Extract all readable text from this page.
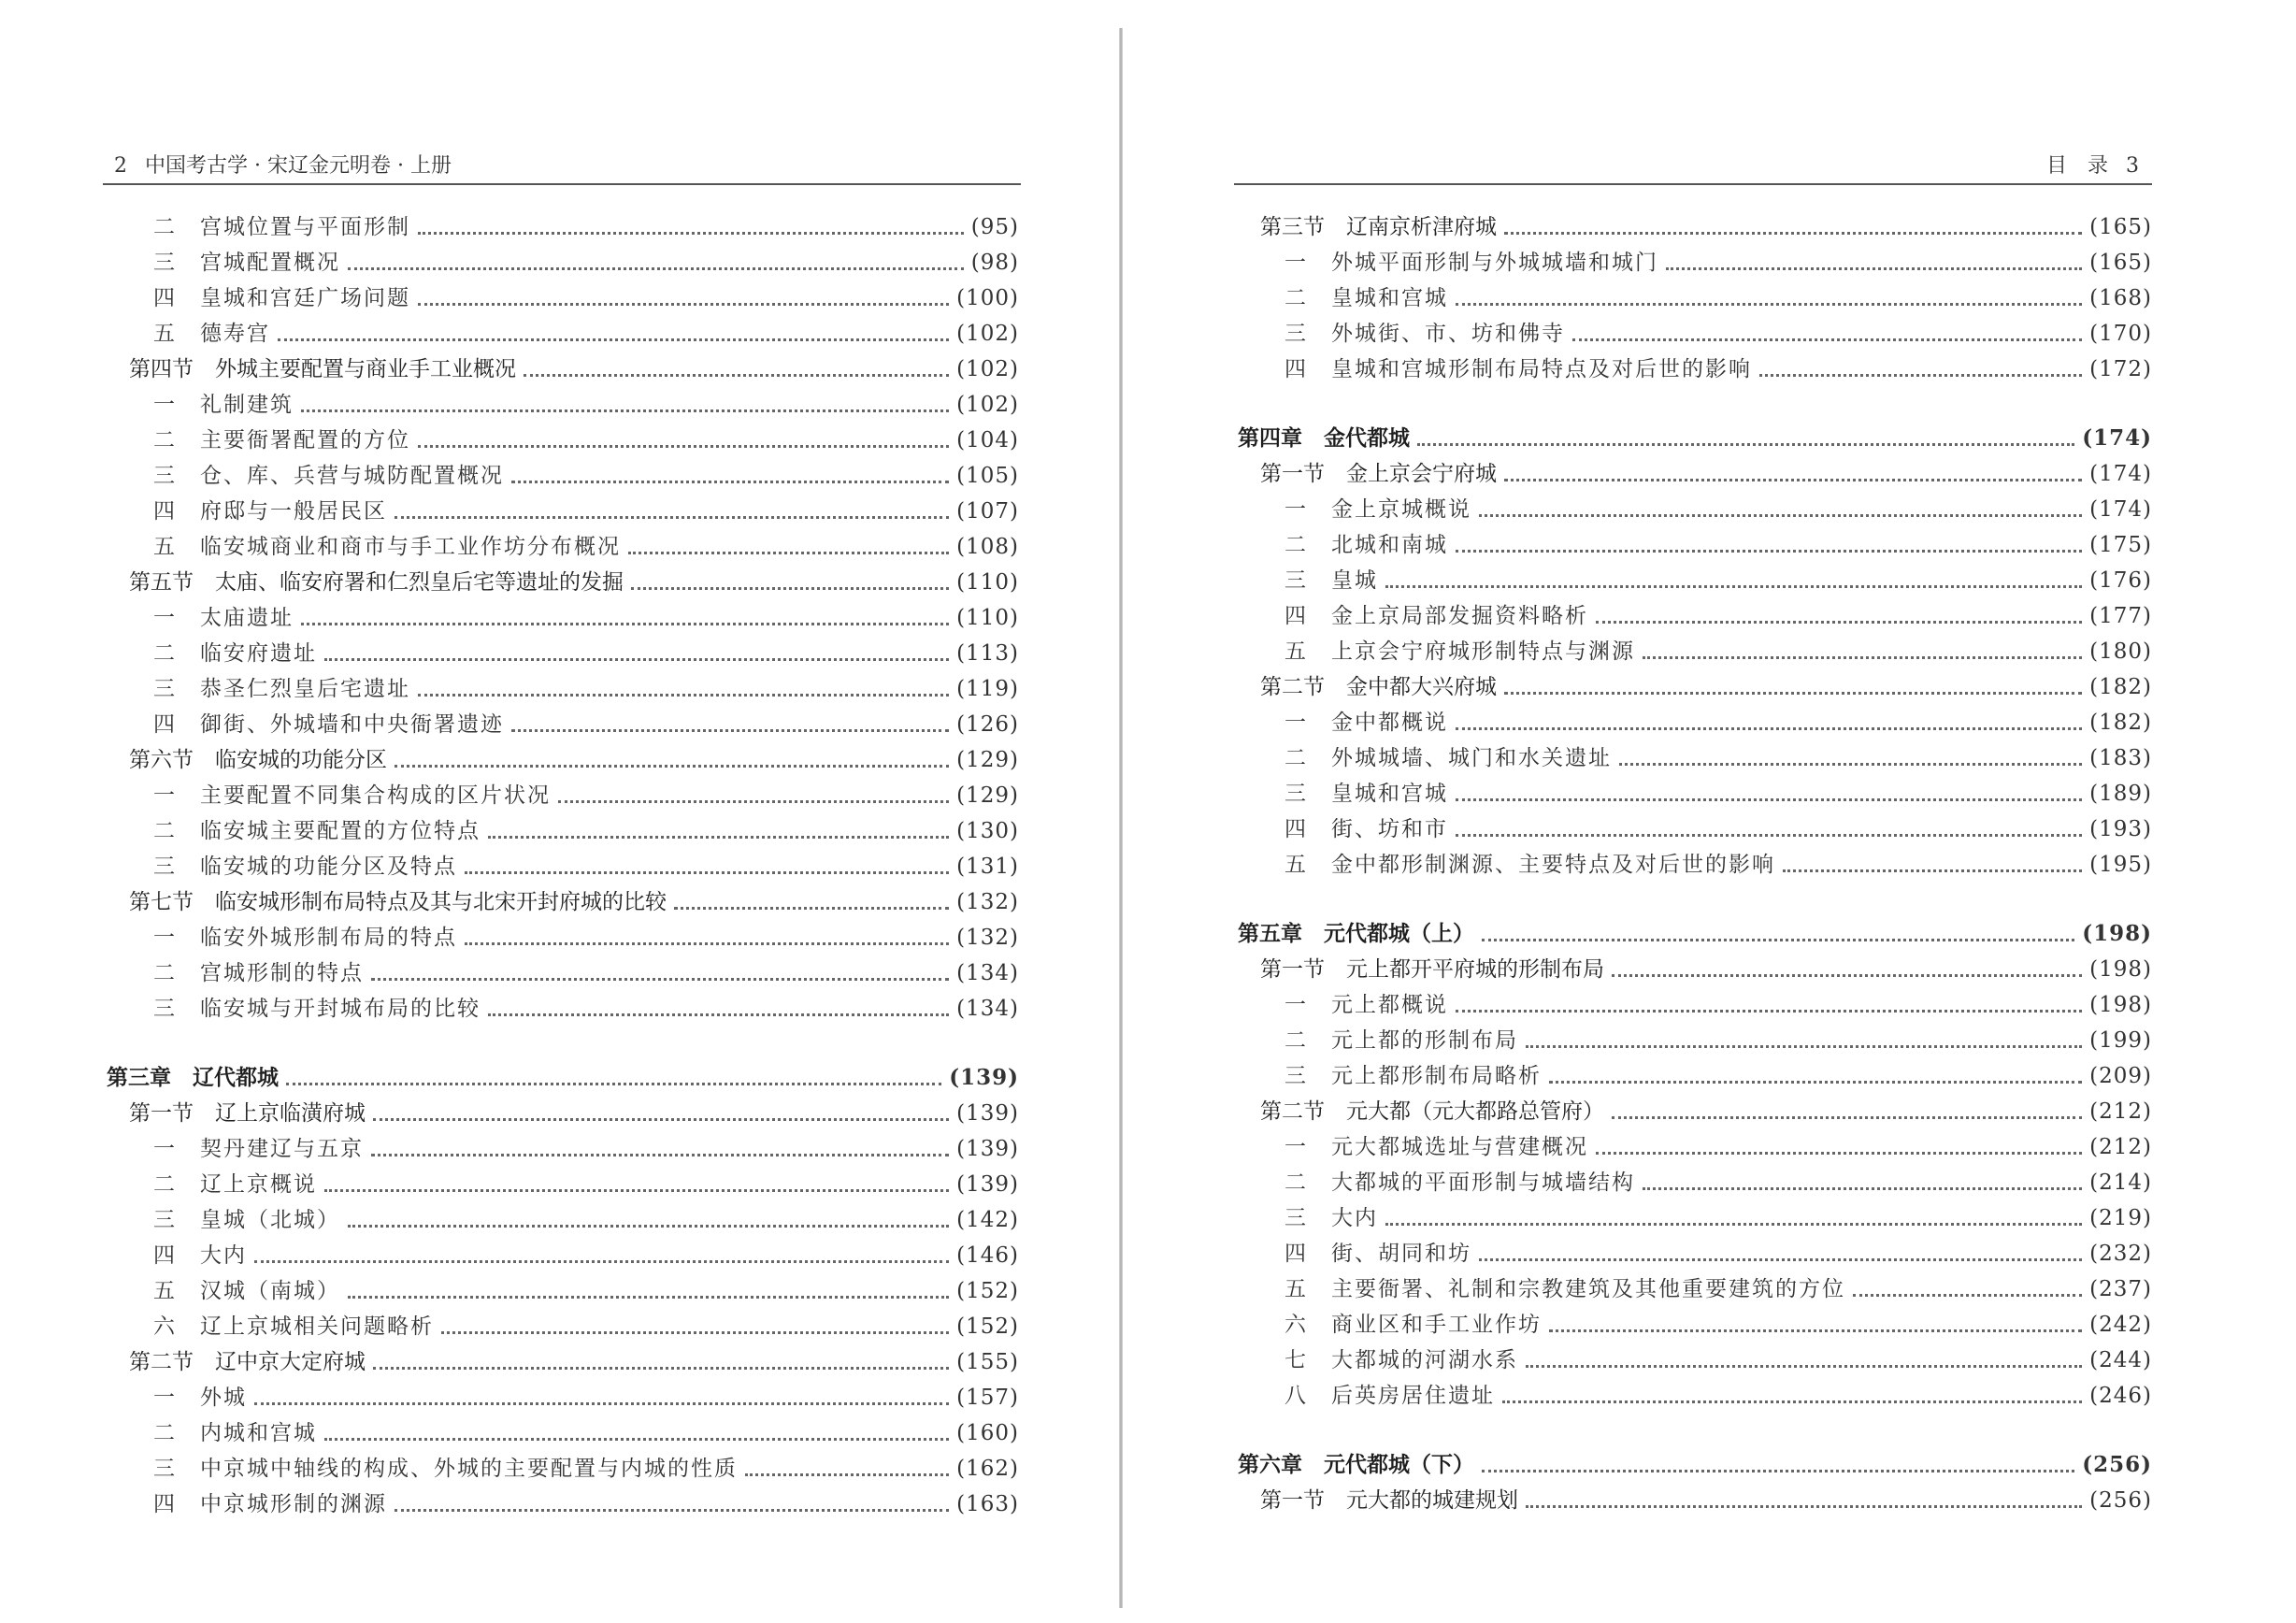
2 中国考古学 · 宋辽金元明卷 · 上册
二　宫城位置与平面形制	(95)
三　宫城配置概况	(98)
四　皇城和宫廷广场问题	(100)
五　德寿宫	(102)
第四节　外城主要配置与商业手工业概况	(102)
一　礼制建筑	(102)
二　主要衙署配置的方位	(104)
三　仓、库、兵营与城防配置概况	(105)
四　府邸与一般居民区	(107)
五　临安城商业和商市与手工业作坊分布概况	(108)
第五节　太庙、临安府署和仁烈皇后宅等遗址的发掘	(110)
一　太庙遗址	(110)
二　临安府遗址	(113)
三　恭圣仁烈皇后宅遗址	(119)
四　御街、外城墙和中央衙署遗迹	(126)
第六节　临安城的功能分区	(129)
一　主要配置不同集合构成的区片状况	(129)
二　临安城主要配置的方位特点	(130)
三　临安城的功能分区及特点	(131)
第七节　临安城形制布局特点及其与北宋开封府城的比较	(132)
一　临安外城形制布局的特点	(132)
二　宫城形制的特点	(134)
三　临安城与开封城布局的比较	(134)
第三章　辽代都城	(139)
第一节　辽上京临潢府城	(139)
一　契丹建辽与五京	(139)
二　辽上京概说	(139)
三　皇城（北城）	(142)
四　大内	(146)
五　汉城（南城）	(152)
六　辽上京城相关问题略析	(152)
第二节　辽中京大定府城	(155)
一　外城	(157)
二　内城和宫城	(160)
三　中京城中轴线的构成、外城的主要配置与内城的性质	(162)
四　中京城形制的渊源	(163)
目　录 3
第三节　辽南京析津府城	(165)
一　外城平面形制与外城城墙和城门	(165)
二　皇城和宫城	(168)
三　外城街、市、坊和佛寺	(170)
四　皇城和宫城形制布局特点及对后世的影响	(172)
第四章　金代都城	(174)
第一节　金上京会宁府城	(174)
一　金上京城概说	(174)
二　北城和南城	(175)
三　皇城	(176)
四　金上京局部发掘资料略析	(177)
五　上京会宁府城形制特点与渊源	(180)
第二节　金中都大兴府城	(182)
一　金中都概说	(182)
二　外城城墙、城门和水关遗址	(183)
三　皇城和宫城	(189)
四　街、坊和市	(193)
五　金中都形制渊源、主要特点及对后世的影响	(195)
第五章　元代都城（上）	(198)
第一节　元上都开平府城的形制布局	(198)
一　元上都概说	(198)
二　元上都的形制布局	(199)
三　元上都形制布局略析	(209)
第二节　元大都（元大都路总管府）	(212)
一　元大都城选址与营建概况	(212)
二　大都城的平面形制与城墙结构	(214)
三　大内	(219)
四　街、胡同和坊	(232)
五　主要衙署、礼制和宗教建筑及其他重要建筑的方位	(237)
六　商业区和手工业作坊	(242)
七　大都城的河湖水系	(244)
八　后英房居住遗址	(246)
第六章　元代都城（下）	(256)
第一节　元大都的城建规划	(256)
